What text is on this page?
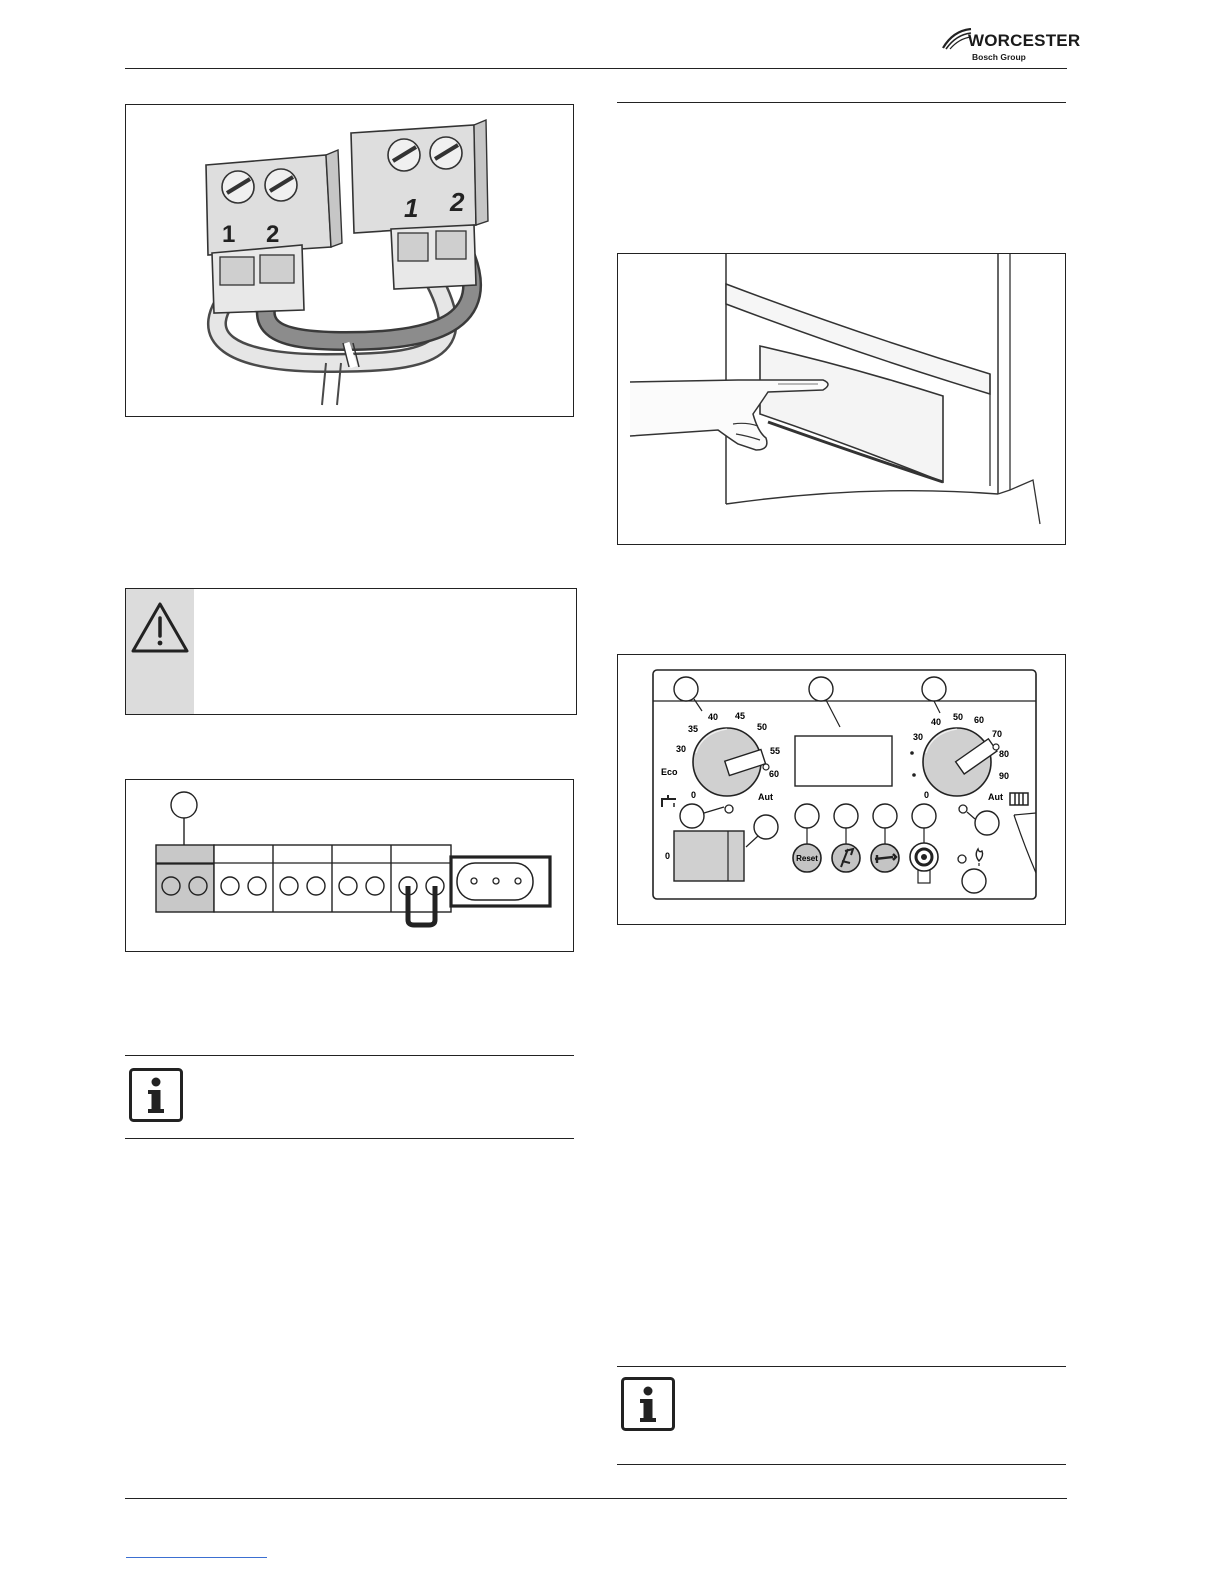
WORCESTER
Bosch Group
1 2
1 2
Eco
30
35
40 45
50
55
60
Aut
0
30
40 50 60
70
80
90
Aut
0
0	Reset
